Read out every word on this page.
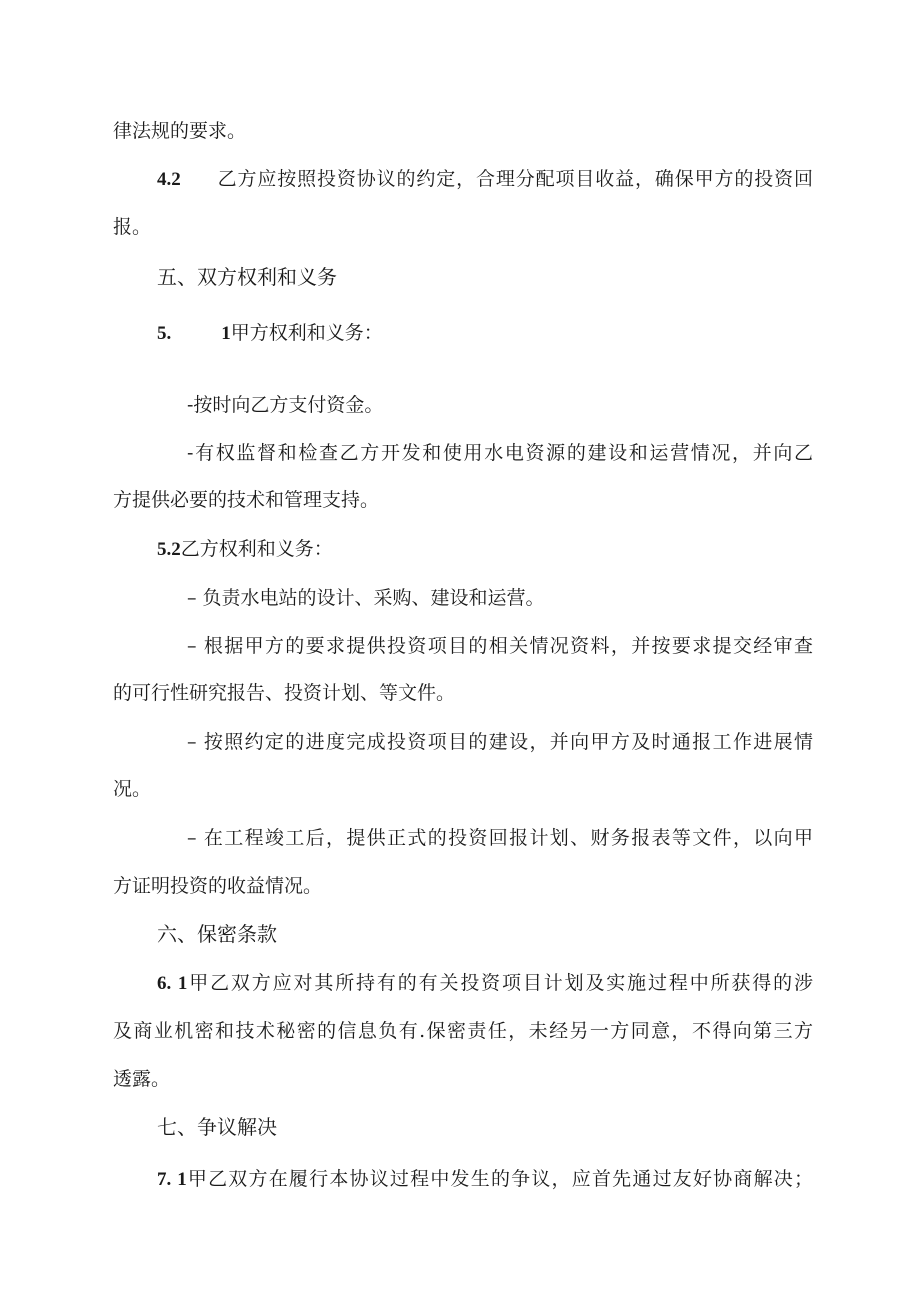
律法规的要求。
4.2 乙方应按照投资协议的约定，合理分配项目收益，确保甲方的投资回
报。
五、双方权利和义务
5.	1甲方权利和义务：
-按时向乙方支付资金。
-有权监督和检查乙方开发和使用水电资源的建设和运营情况，并向乙
方提供必要的技术和管理支持。
5.2乙方权利和义务：
– 负责水电站的设计、采购、建设和运营。
– 根据甲方的要求提供投资项目的相关情况资料，并按要求提交经审查
的可行性研究报告、投资计划、等文件。
– 按照约定的进度完成投资项目的建设，并向甲方及时通报工作进展情
况。
– 在工程竣工后，提供正式的投资回报计划、财务报表等文件，以向甲
方证明投资的收益情况。
六、保密条款
6. 1甲乙双方应对其所持有的有关投资项目计划及实施过程中所获得的涉
及商业机密和技术秘密的信息负有.保密责任，未经另一方同意，不得向第三方
透露。
七、争议解决
7. 1甲乙双方在履行本协议过程中发生的争议，应首先通过友好协商解决；
